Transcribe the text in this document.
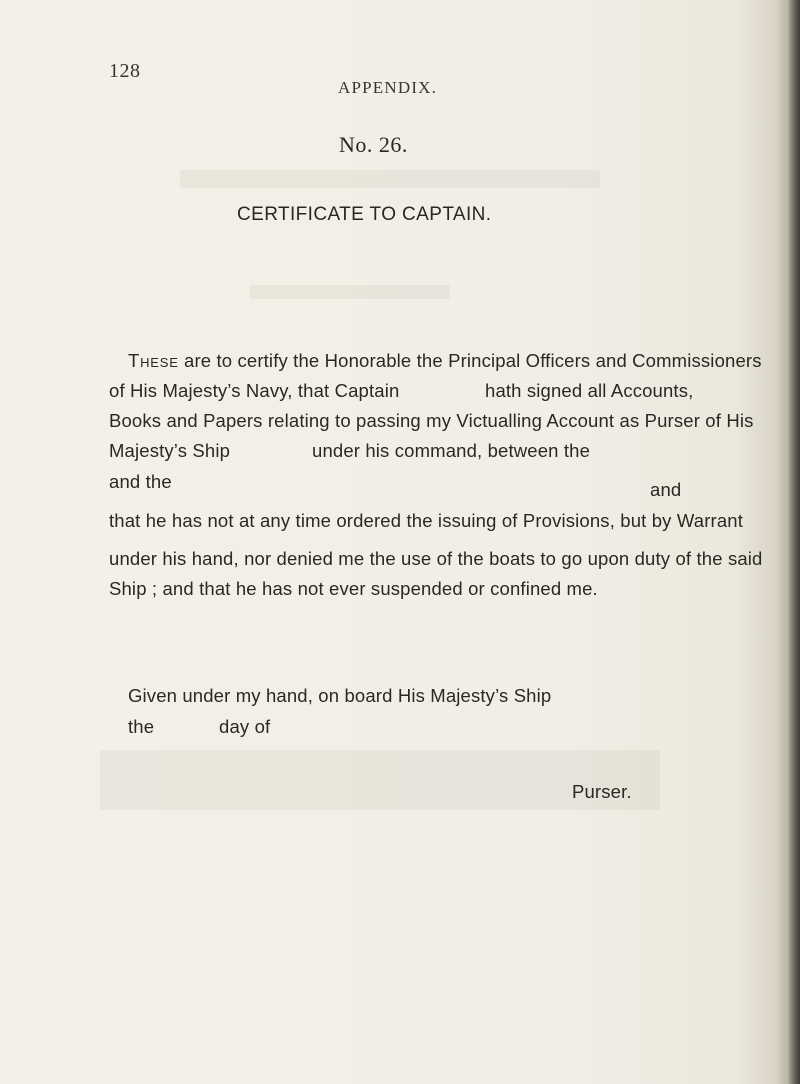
128
APPENDIX.
No. 26.
CERTIFICATE TO CAPTAIN.
These are to certify the Honorable the Principal Officers and Commissioners
of His Majesty’s Navy, that Captain	hath signed all Accounts,
Books and Papers relating to passing my Victualling Account as Purser of His
Majesty’s Ship	under his command, between the
and the	and
that he has not at any time ordered the issuing of Provisions, but by Warrant
under his hand, nor denied me the use of the boats to go upon duty of the said
Ship ; and that he has not ever suspended or confined me.
Given under my hand, on board His Majesty’s Ship
the	day of
Purser.
